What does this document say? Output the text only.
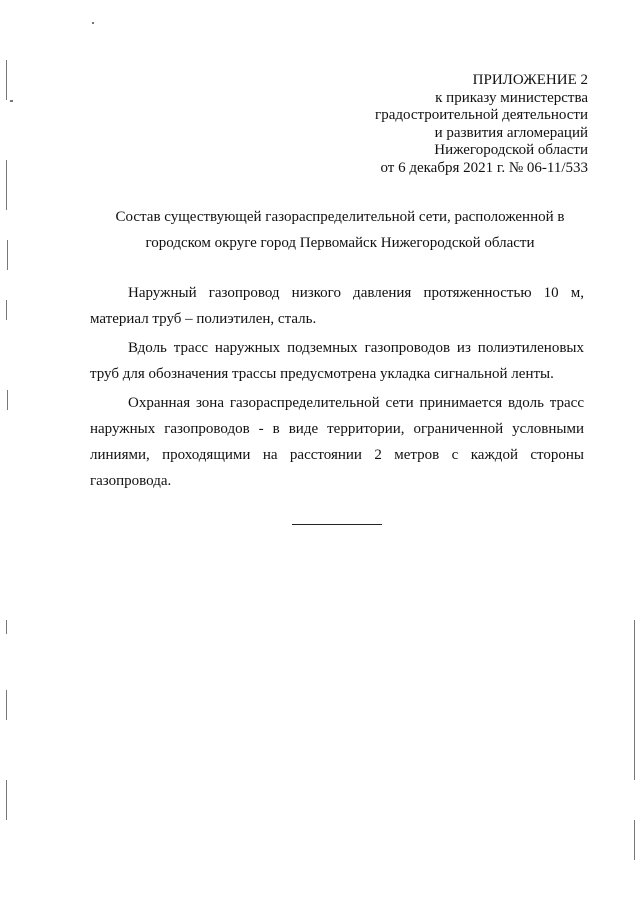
ПРИЛОЖЕНИЕ 2
к приказу министерства
градостроительной деятельности
и развития агломераций
Нижегородской области
от 6 декабря 2021 г. № 06-11/533
Состав существующей газораспределительной сети, расположенной в
городском округе город Первомайск Нижегородской области

Наружный газопровод низкого давления протяженностью 10 м, материал труб – полиэтилен, сталь.

Вдоль трасс наружных подземных газопроводов из полиэтиленовых труб для обозначения трассы предусмотрена укладка сигнальной ленты.

Охранная зона газораспределительной сети принимается вдоль трасс наружных газопроводов - в виде территории, ограниченной условными линиями, проходящими на расстоянии 2 метров с каждой стороны газопровода.
